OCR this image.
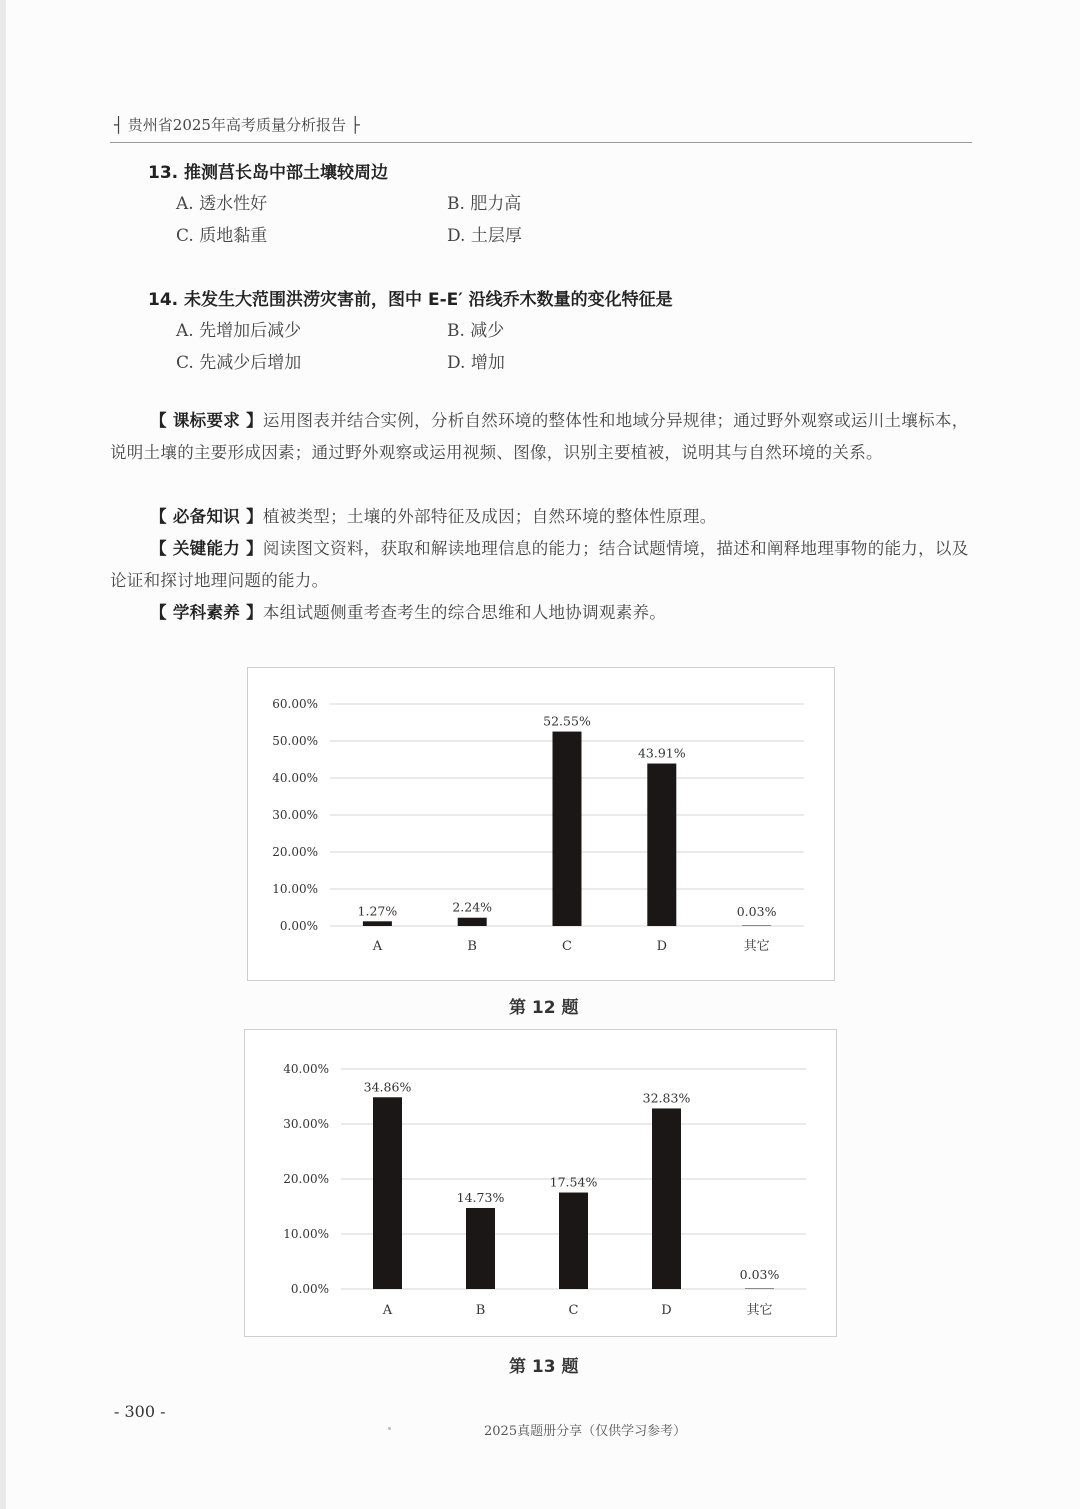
┤ 贵州省2025年高考质量分析报告 ├
13. 推测莒长岛中部土壤较周边
A. 透水性好	B. 肥力高
C. 质地黏重	D. 土层厚
14. 未发生大范围洪涝灾害前，图中 E-E′ 沿线乔木数量的变化特征是
A. 先增加后减少	B. 减少
C. 先减少后增加	D. 增加
【 课标要求 】运用图表并结合实例，分析自然环境的整体性和地域分异规律；通过野外观察或运川土壤标本，说明土壤的主要形成因素；通过野外观察或运用视频、图像，识别主要植被，说明其与自然环境的关系。
【 必备知识 】植被类型；土壤的外部特征及成因；自然环境的整体性原理。
【 关键能力 】阅读图文资料，获取和解读地理信息的能力；结合试题情境，描述和阐释地理事物的能力，以及论证和探讨地理问题的能力。
【 学科素养 】本组试题侧重考查考生的综合思维和人地协调观素养。
0.00%
10.00%
20.00%
30.00%
40.00%
50.00%
60.00%
1.27%
A
2.24%
B
52.55%
C
43.91%
D
0.03%
其它
第 12 题
0.00%
10.00%
20.00%
30.00%
40.00%
34.86%
A
14.73%
B
17.54%
C
32.83%
D
0.03%
其它
第 13 题
- 300 -
2025真题册分享（仅供学习参考）
